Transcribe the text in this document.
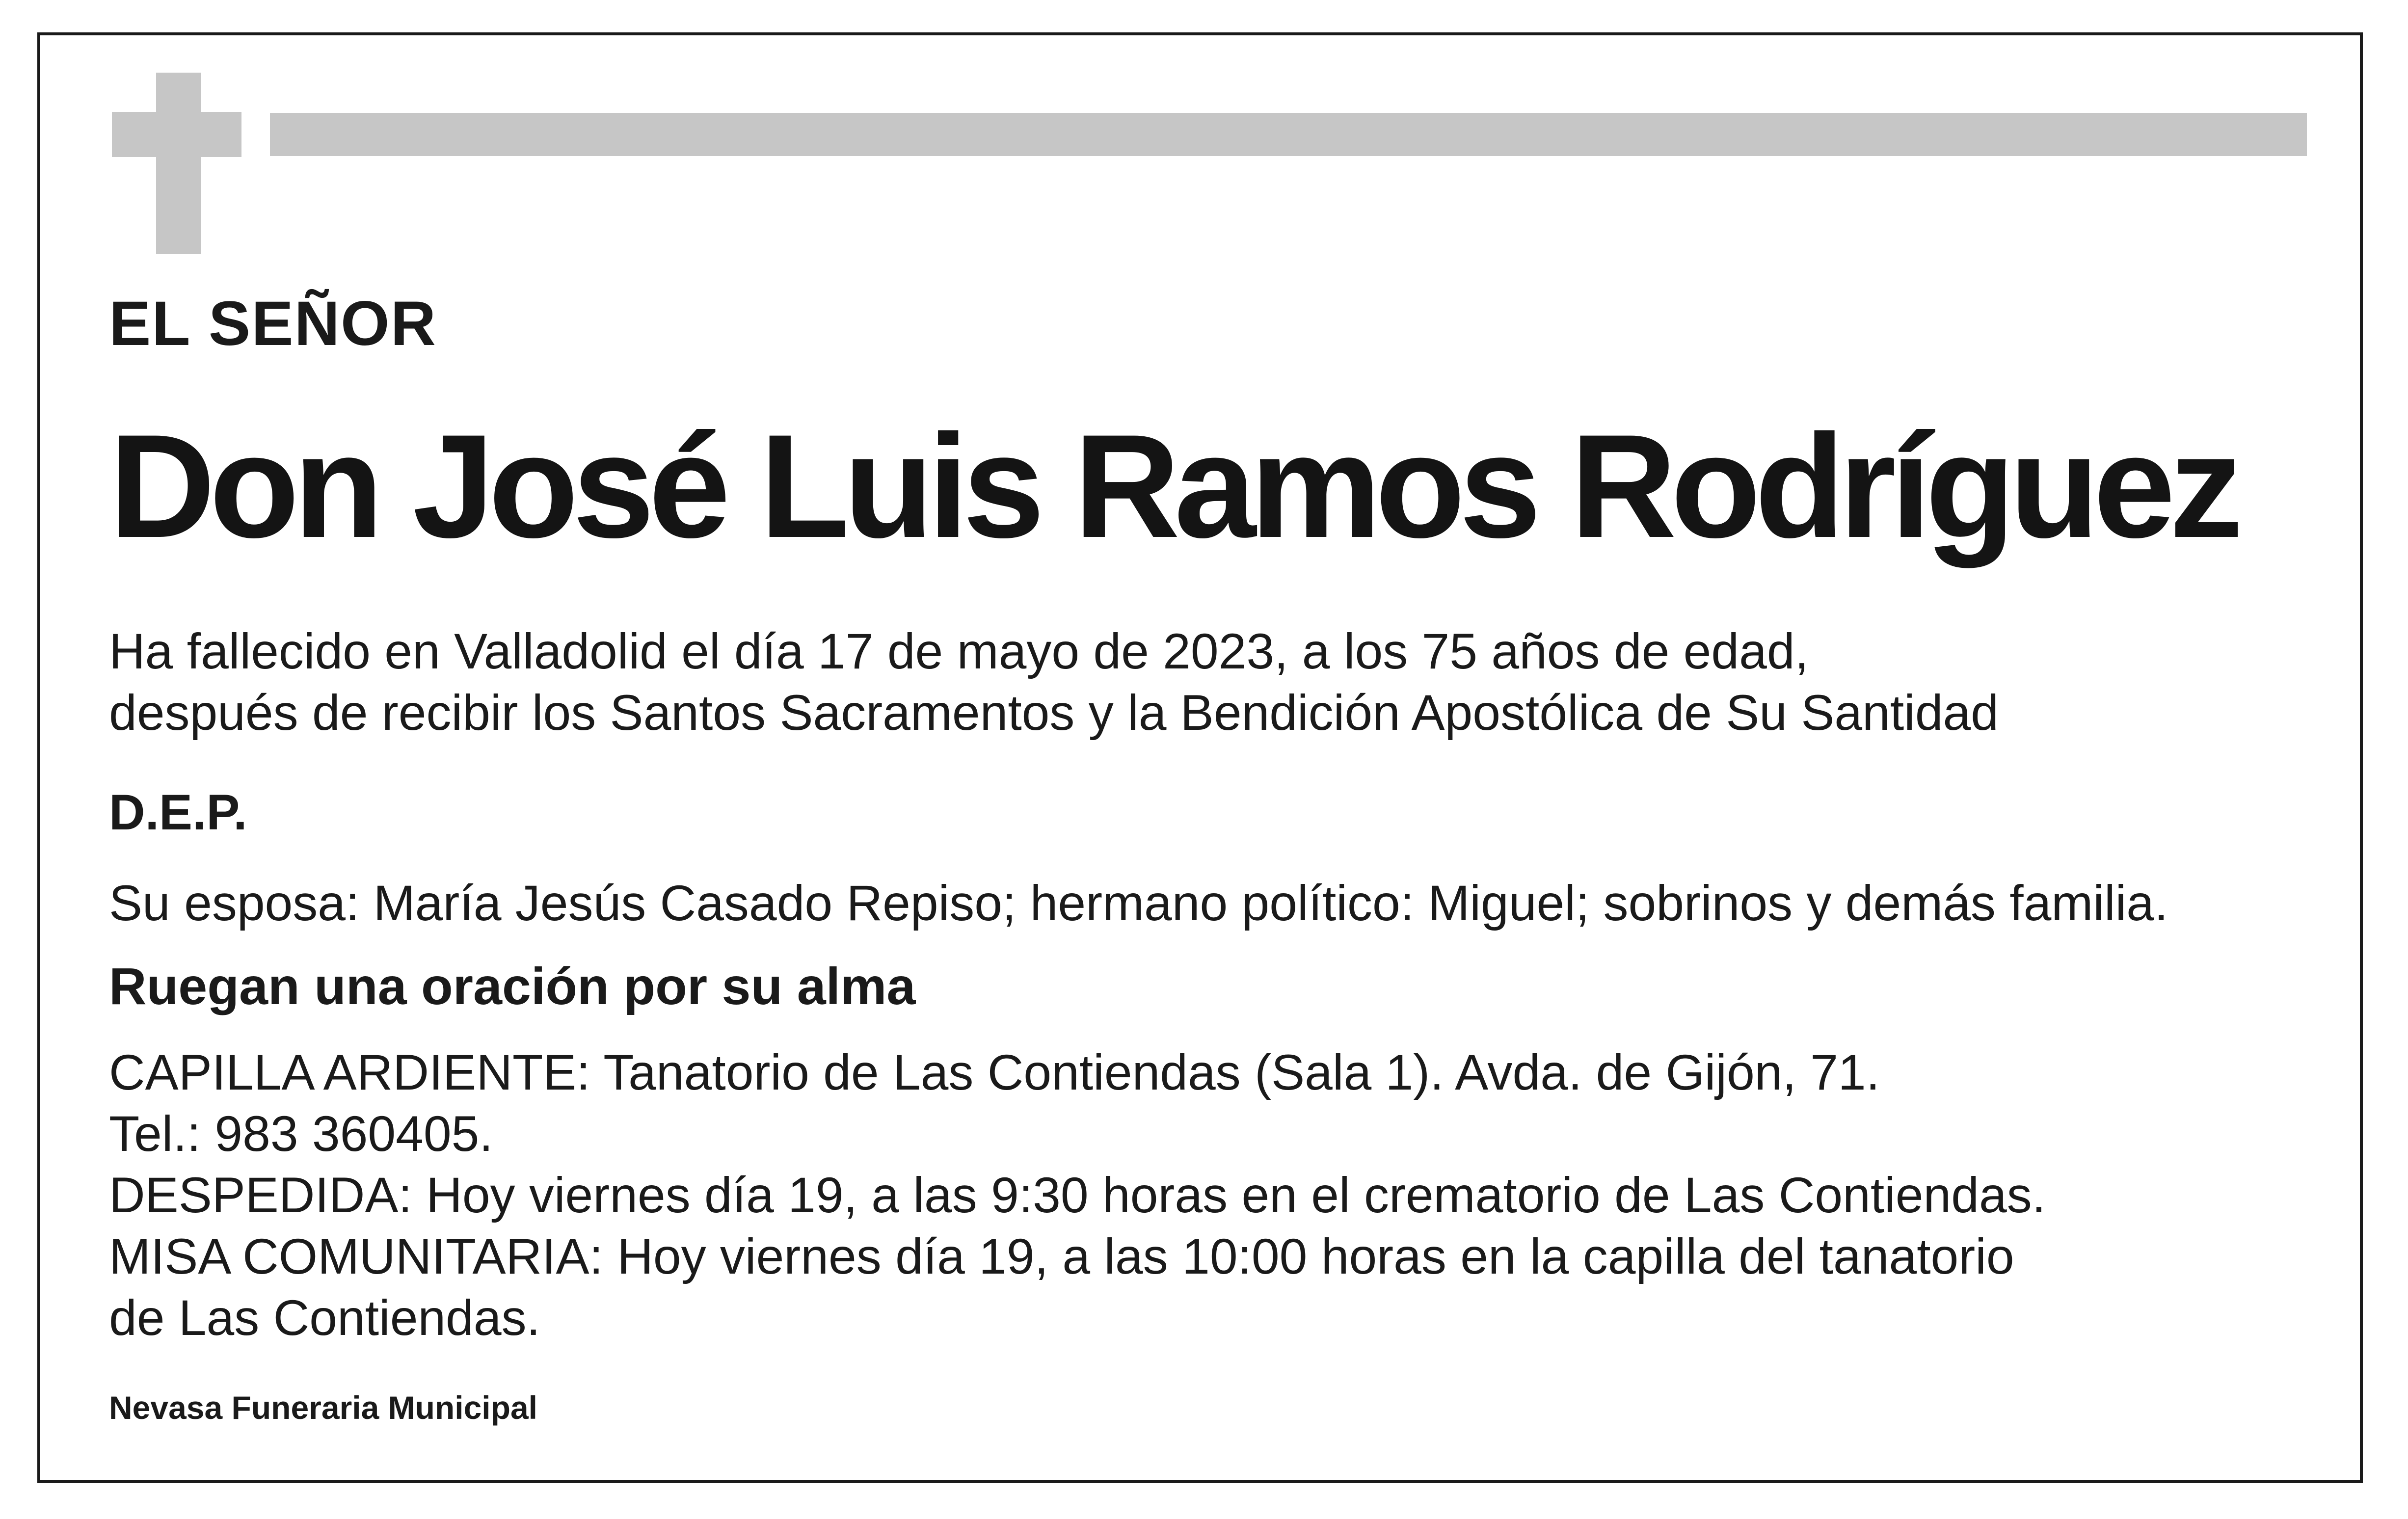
EL SEÑOR

Don José Luis Ramos Rodríguez

Ha fallecido en Valladolid el día 17 de mayo de 2023, a los 75 años de edad,

después de recibir los Santos Sacramentos y la Bendición Apostólica de Su Santidad

D.E.P.

Su esposa: María Jesús Casado Repiso; hermano político: Miguel; sobrinos y demás familia.

Ruegan una oración por su alma

CAPILLA ARDIENTE: Tanatorio de Las Contiendas (Sala 1). Avda. de Gijón, 71.

Tel.: 983 360405.

DESPEDIDA: Hoy viernes día 19, a las 9:30 horas en el crematorio de Las Contiendas.

MISA COMUNITARIA: Hoy viernes día 19, a las 10:00 horas en la capilla del tanatorio

de Las Contiendas.

Nevasa Funeraria Municipal
